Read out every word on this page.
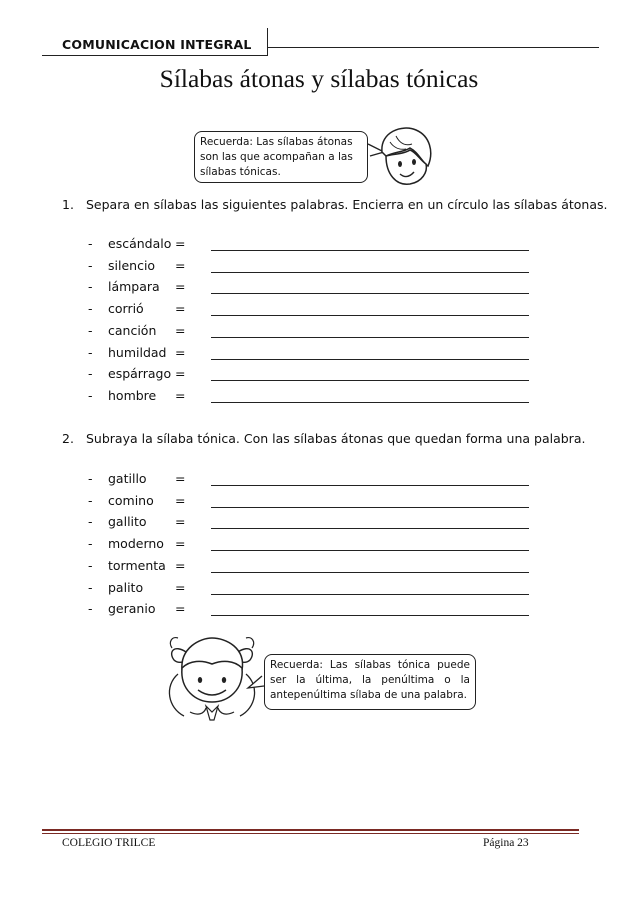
COMUNICACION INTEGRAL
Sílabas átonas y sílabas tónicas
Recuerda: Las sílabas átonas son las que acompañan a las sílabas tónicas.
1. Separa en sílabas las siguientes palabras. Encierra en un círculo las sílabas átonas.
- escándalo =
- silencio =
- lámpara =
- corrió	=
- canción =
- humildad =
- espárrago =
- hombre =
2. Subraya la sílaba tónica. Con las sílabas átonas que quedan forma una palabra.
- gatillo =
- comino =
- gallito =
- moderno =
- tormenta =
- palito	=
- geranio =
Recuerda: Las sílabas tónica puede ser la última, la penúltima o la antepenúltima sílaba de una palabra.
COLEGIO TRILCE	Página 23
